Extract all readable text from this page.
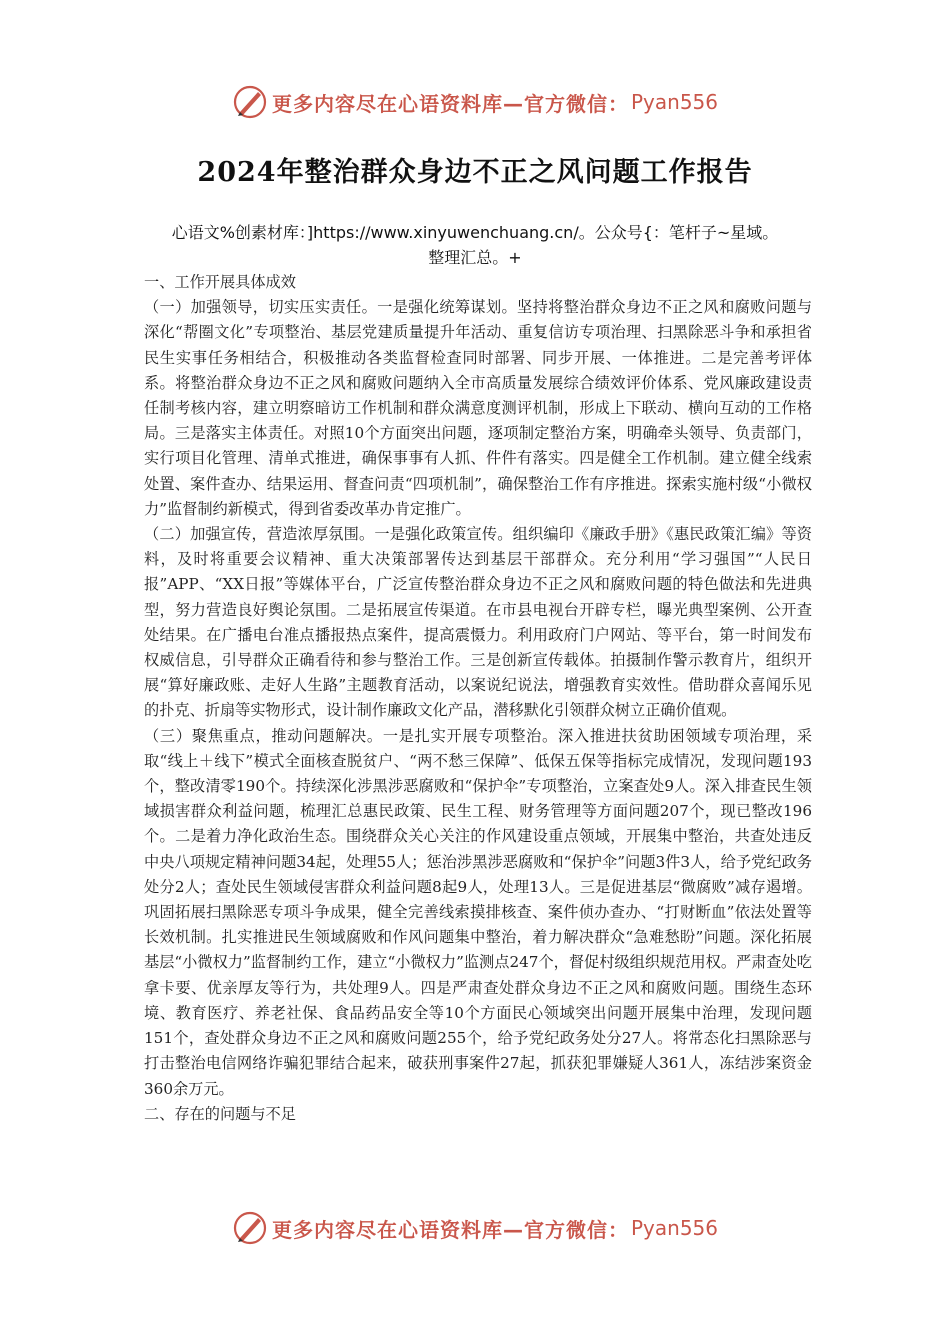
更多内容尽在心语资料库—官方微信： Pyan556
2024年整治群众身边不正之风问题工作报告
心语文%创素材库：]https://www.xinyuwenchuang.cn/。公众号{：笔杆子~星域。
整理汇总。+

一、工作开展具体成效

（一）加强领导，切实压实责任。一是强化统筹谋划。坚持将整治群众身边不正之风和腐败问题与深化“帮圈文化”专项整治、基层党建质量提升年活动、重复信访专项治理、扫黑除恶斗争和承担省民生实事任务相结合，积极推动各类监督检查同时部署、同步开展、一体推进。二是完善考评体系。将整治群众身边不正之风和腐败问题纳入全市高质量发展综合绩效评价体系、党风廉政建设责任制考核内容，建立明察暗访工作机制和群众满意度测评机制，形成上下联动、横向互动的工作格局。三是落实主体责任。对照10个方面突出问题，逐项制定整治方案，明确牵头领导、负责部门，实行项目化管理、清单式推进，确保事事有人抓、件件有落实。四是健全工作机制。建立健全线索处置、案件查办、结果运用、督查问责“四项机制”，确保整治工作有序推进。探索实施村级“小微权力”监督制约新模式，得到省委改革办肯定推广。

（二）加强宣传，营造浓厚氛围。一是强化政策宣传。组织编印《廉政手册》《惠民政策汇编》等资料，及时将重要会议精神、重大决策部署传达到基层干部群众。充分利用“学习强国”“人民日报”APP、“XX日报”等媒体平台，广泛宣传整治群众身边不正之风和腐败问题的特色做法和先进典型，努力营造良好舆论氛围。二是拓展宣传渠道。在市县电视台开辟专栏，曝光典型案例、公开查处结果。在广播电台准点播报热点案件，提高震慑力。利用政府门户网站、等平台，第一时间发布权威信息，引导群众正确看待和参与整治工作。三是创新宣传载体。拍摄制作警示教育片，组织开展“算好廉政账、走好人生路”主题教育活动，以案说纪说法，增强教育实效性。借助群众喜闻乐见的扑克、折扇等实物形式，设计制作廉政文化产品，潜移默化引领群众树立正确价值观。

（三）聚焦重点，推动问题解决。一是扎实开展专项整治。深入推进扶贫助困领域专项治理，采取“线上＋线下”模式全面核查脱贫户、“两不愁三保障”、低保五保等指标完成情况，发现问题193个，整改清零190个。持续深化涉黑涉恶腐败和“保护伞”专项整治，立案查处9人。深入排查民生领域损害群众利益问题，梳理汇总惠民政策、民生工程、财务管理等方面问题207个，现已整改196个。二是着力净化政治生态。围绕群众关心关注的作风建设重点领域，开展集中整治，共查处违反中央八项规定精神问题34起，处理55人；惩治涉黑涉恶腐败和“保护伞”问题3件3人，给予党纪政务处分2人；查处民生领域侵害群众利益问题8起9人，处理13人。三是促进基层“微腐败”减存遏增。巩固拓展扫黑除恶专项斗争成果，健全完善线索摸排核查、案件侦办查办、“打财断血”依法处置等长效机制。扎实推进民生领域腐败和作风问题集中整治，着力解决群众“急难愁盼”问题。深化拓展基层“小微权力”监督制约工作，建立“小微权力”监测点247个，督促村级组织规范用权。严肃查处吃拿卡要、优亲厚友等行为，共处理9人。四是严肃查处群众身边不正之风和腐败问题。围绕生态环境、教育医疗、养老社保、食品药品安全等10个方面民心领域突出问题开展集中治理，发现问题151个，查处群众身边不正之风和腐败问题255个，给予党纪政务处分27人。将常态化扫黑除恶与打击整治电信网络诈骗犯罪结合起来，破获刑事案件27起，抓获犯罪嫌疑人361人，冻结涉案资金360余万元。

二、存在的问题与不足

更多内容尽在心语资料库—官方微信： Pyan556
